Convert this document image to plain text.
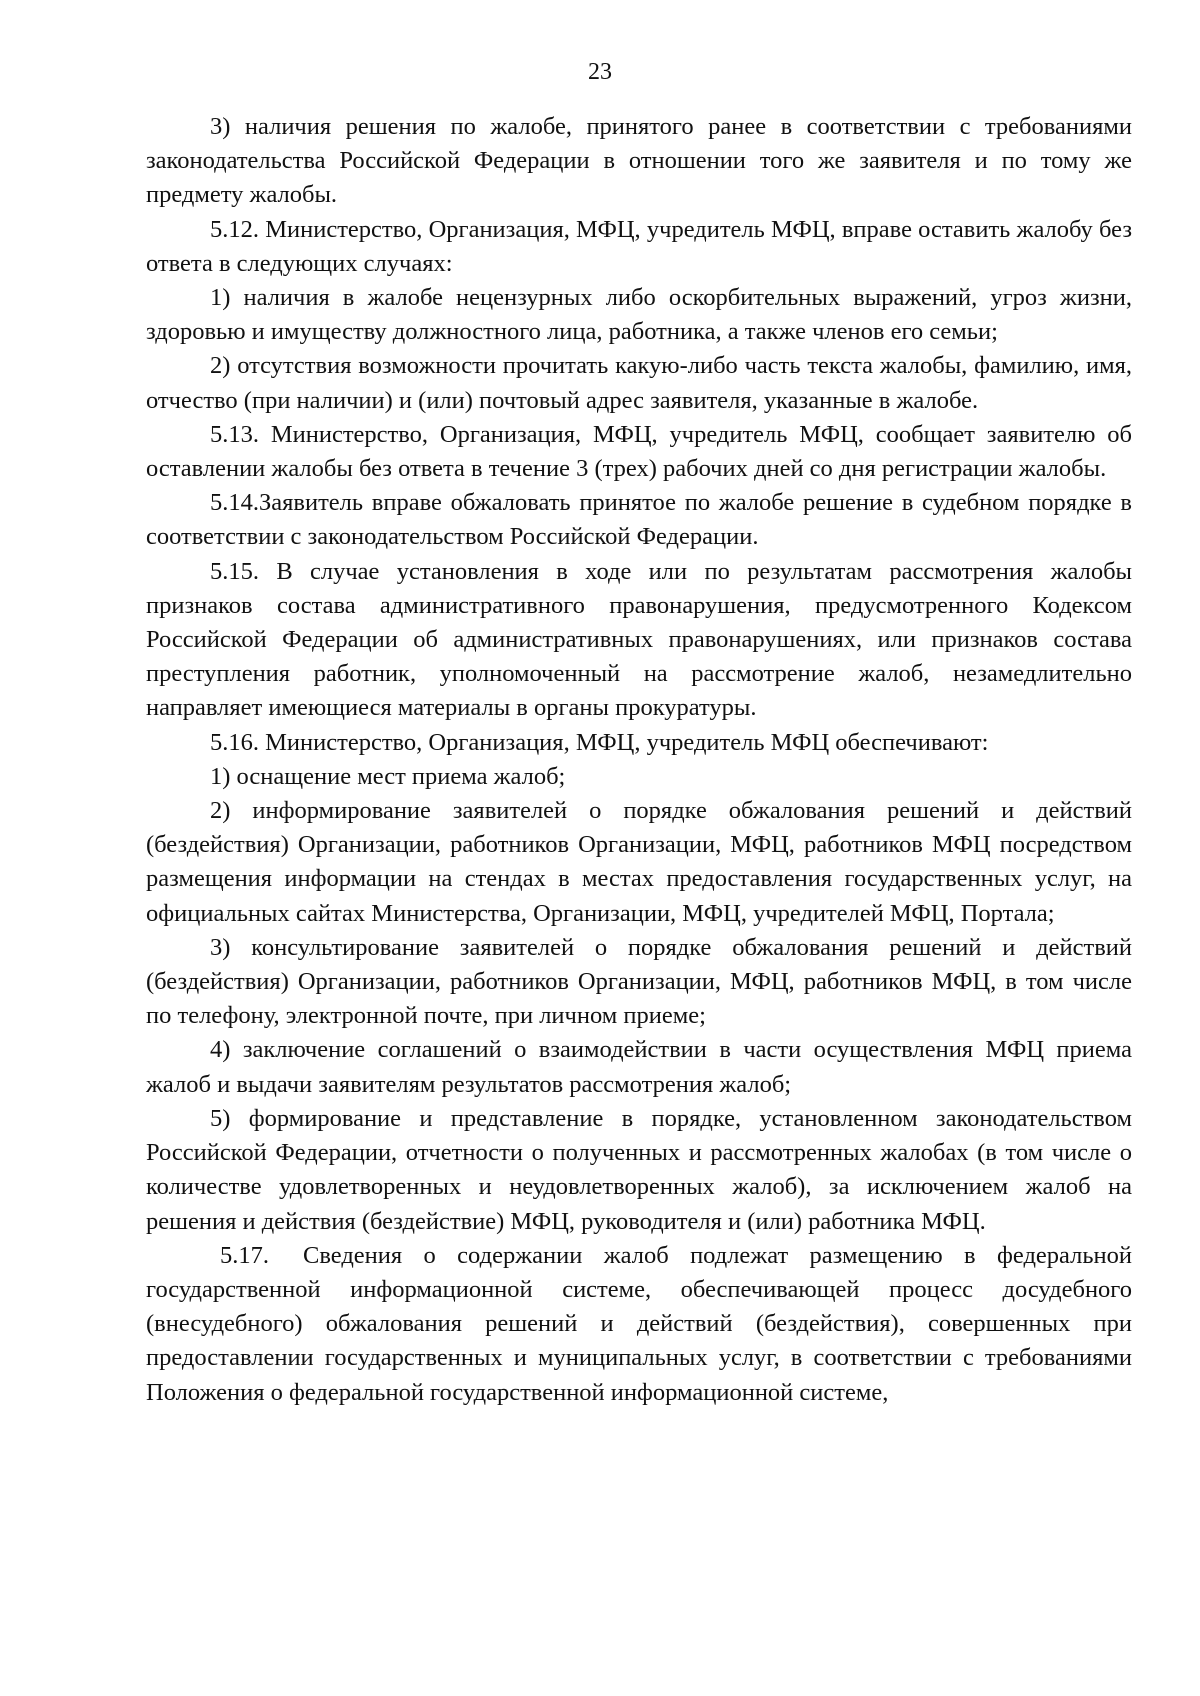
23

3) наличия решения по жалобе, принятого ранее в соответствии с требованиями законодательства Российской Федерации в отношении того же заявителя и по тому же предмету жалобы.

5.12. Министерство, Организация, МФЦ, учредитель МФЦ, вправе оставить жалобу без ответа в следующих случаях:

1) наличия в жалобе нецензурных либо оскорбительных выражений, угроз жизни, здоровью и имуществу должностного лица, работника, а также членов его семьи;

2) отсутствия возможности прочитать какую-либо часть текста жалобы, фамилию, имя, отчество (при наличии) и (или) почтовый адрес заявителя, указанные в жалобе.

5.13. Министерство, Организация, МФЦ, учредитель МФЦ, сообщает заявителю об оставлении жалобы без ответа в течение 3 (трех) рабочих дней со дня регистрации жалобы.

5.14.Заявитель вправе обжаловать принятое по жалобе решение в судебном порядке в соответствии с законодательством Российской Федерации.

5.15. В случае установления в ходе или по результатам рассмотрения жалобы признаков состава административного правонарушения, предусмотренного Кодексом Российской Федерации об административных правонарушениях, или признаков состава преступления работник, уполномоченный на рассмотрение жалоб, незамедлительно направляет имеющиеся материалы в органы прокуратуры.

5.16. Министерство, Организация, МФЦ, учредитель МФЦ обеспечивают:

1) оснащение мест приема жалоб;

2) информирование заявителей о порядке обжалования решений и действий (бездействия) Организации, работников Организации, МФЦ, работников МФЦ посредством размещения информации на стендах в местах предоставления государственных услуг, на официальных сайтах Министерства, Организации, МФЦ, учредителей МФЦ, Портала;

3) консультирование заявителей о порядке обжалования решений и действий (бездействия) Организации, работников Организации, МФЦ, работников МФЦ, в том числе по телефону, электронной почте, при личном приеме;

4) заключение соглашений о взаимодействии в части осуществления МФЦ приема жалоб и выдачи заявителям результатов рассмотрения жалоб;

5) формирование и представление в порядке, установленном законодательством Российской Федерации, отчетности о полученных и рассмотренных жалобах (в том числе о количестве удовлетворенных и неудовлетворенных жалоб), за исключением жалоб на решения и действия (бездействие) МФЦ, руководителя и (или) работника МФЦ.

5.17. Сведения о содержании жалоб подлежат размещению в федеральной государственной информационной системе, обеспечивающей процесс досудебного (внесудебного) обжалования решений и действий (бездействия), совершенных при предоставлении государственных и муниципальных услуг, в соответствии с требованиями Положения о федеральной государственной информационной системе,
